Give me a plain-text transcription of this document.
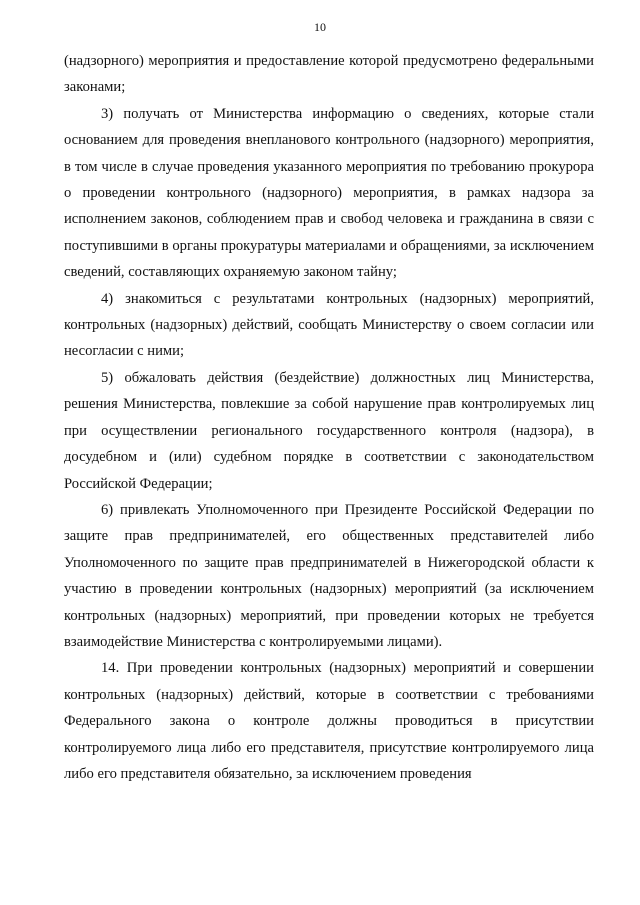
10

(надзорного) мероприятия и предоставление которой предусмотрено федеральными законами;

3) получать от Министерства информацию о сведениях, которые стали основанием для проведения внепланового контрольного (надзорного) мероприятия, в том числе в случае проведения указанного мероприятия по требованию прокурора о проведении контрольного (надзорного) мероприятия, в рамках надзора за исполнением законов, соблюдением прав и свобод человека и гражданина в связи с поступившими в органы прокуратуры материалами и обращениями, за исключением сведений, составляющих охраняемую законом тайну;

4) знакомиться с результатами контрольных (надзорных) мероприятий, контрольных (надзорных) действий, сообщать Министерству о своем согласии или несогласии с ними;

5) обжаловать действия (бездействие) должностных лиц Министерства, решения Министерства, повлекшие за собой нарушение прав контролируемых лиц при осуществлении регионального государственного контроля (надзора), в досудебном и (или) судебном порядке в соответствии с законодательством Российской Федерации;

6) привлекать Уполномоченного при Президенте Российской Федерации по защите прав предпринимателей, его общественных представителей либо Уполномоченного по защите прав предпринимателей в Нижегородской области к участию в проведении контрольных (надзорных) мероприятий (за исключением контрольных (надзорных) мероприятий, при проведении которых не требуется взаимодействие Министерства с контролируемыми лицами).

14. При проведении контрольных (надзорных) мероприятий и совершении контрольных (надзорных) действий, которые в соответствии с требованиями Федерального закона о контроле должны проводиться в присутствии контролируемого лица либо его представителя, присутствие контролируемого лица либо его представителя обязательно, за исключением проведения
